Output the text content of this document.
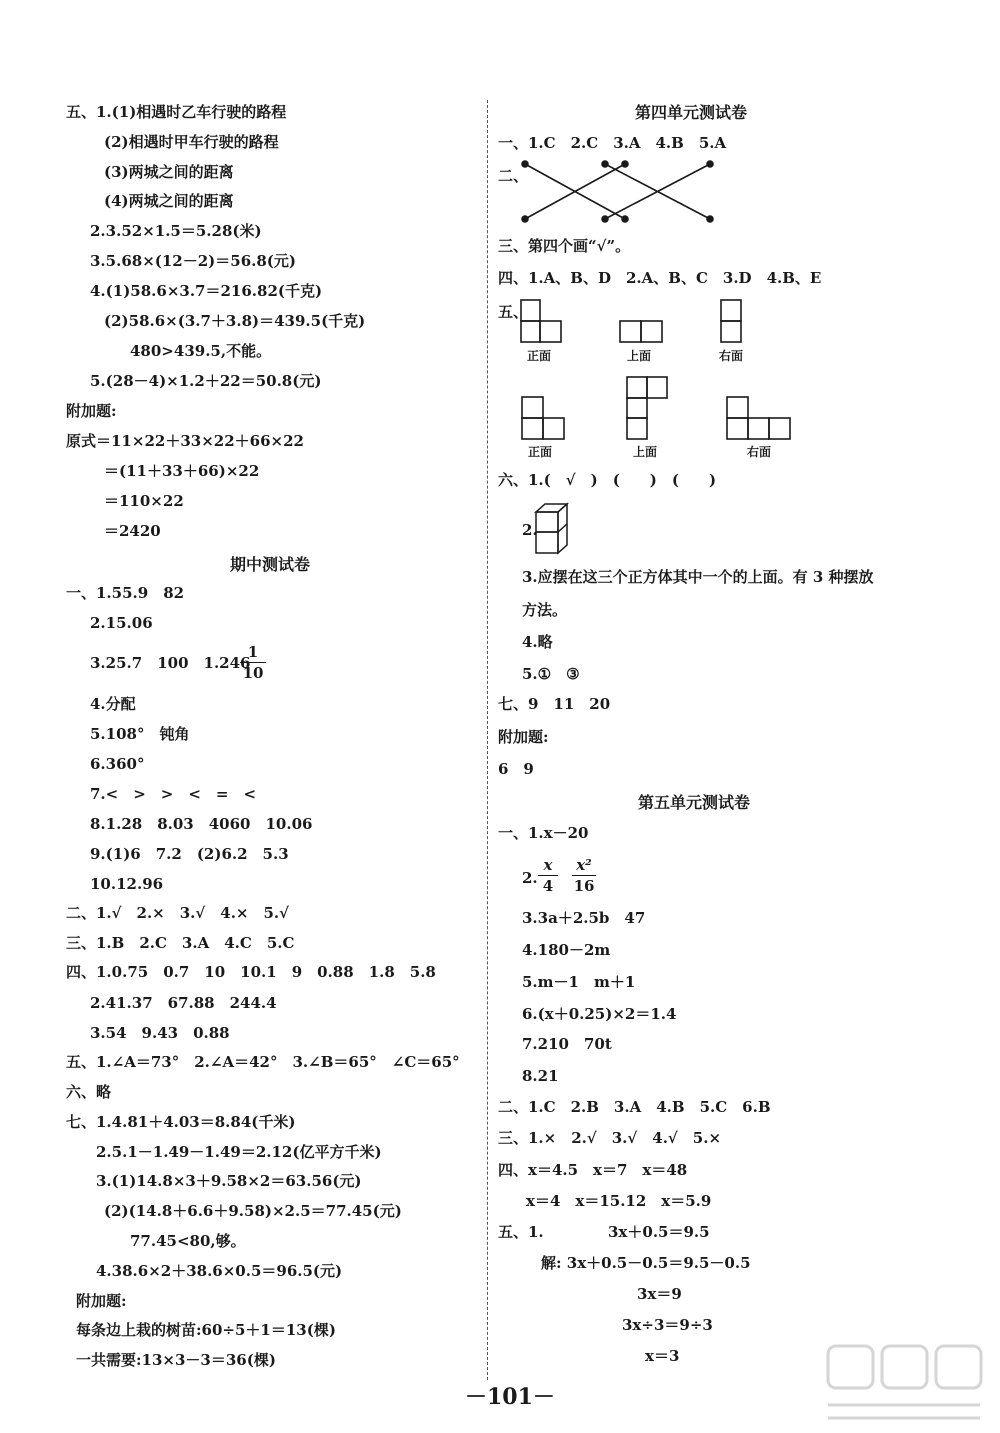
五、1.(1)相遇时乙车行驶的路程
(2)相遇时甲车行驶的路程
(3)两城之间的距离
(4)两城之间的距离
2.3.52×1.5＝5.28(米)
3.5.68×(12－2)＝56.8(元)
4.(1)58.6×3.7＝216.82(千克)
(2)58.6×(3.7＋3.8)＝439.5(千克)
480>439.5,不能。
5.(28－4)×1.2＋22＝50.8(元)
附加题:
原式＝11×22＋33×22＋66×22
＝(11＋33＋66)×22
＝110×22
＝2420
期中测试卷
一、1.55.9　82
2.15.06
3.25.7　100　1.246
1
10
4.分配
5.108°　钝角
6.360°
7.<　>　>　<　=　<
8.1.28　8.03　4060　10.06
9.(1)6　7.2　(2)6.2　5.3
10.12.96
二、1.√　2.×　3.√　4.×　5.√
三、1.B　2.C　3.A　4.C　5.C
四、1.0.75　0.7　10　10.1　9　0.88　1.8　5.8
2.41.37　67.88　244.4
3.54　9.43　0.88
五、1.∠A＝73°　2.∠A＝42°　3.∠B＝65°　∠C＝65°
六、略
七、1.4.81＋4.03＝8.84(千米)
2.5.1－1.49－1.49＝2.12(亿平方千米)
3.(1)14.8×3＋9.58×2＝63.56(元)
(2)(14.8＋6.6＋9.58)×2.5＝77.45(元)
77.45<80,够。
4.38.6×2＋38.6×0.5＝96.5(元)
附加题:
每条边上栽的树苗:60÷5＋1＝13(棵)
一共需要:13×3－3＝36(棵)
第四单元测试卷
一、1.C　2.C　3.A　4.B　5.A
二、
三、第四个画“√”。
四、1.A、B、D　2.A、B、C　3.D　4.B、E
五、
正面	上面	右面
正面	上面	右面
六、1.(　√　)　(　　)　(　　)
2.
3.应摆在这三个正方体其中一个的上面。有 3 种摆放
方法。
4.略
5.①　③
七、9　11　20
附加题:
6　9
第五单元测试卷
一、1.x－20
2.
x
4
x²
16
3.3a＋2.5b　47
4.180－2m
5.m－1　m＋1
6.(x＋0.25)×2＝1.4
7.210　70t
8.21
二、1.C　2.B　3.A　4.B　5.C　6.B
三、1.×　2.√　3.√　4.√　5.×
四、x＝4.5　x＝7　x＝48
x＝4　x＝15.12　x＝5.9
五、1.	3x＋0.5＝9.5
解: 3x＋0.5－0.5＝9.5－0.5
3x＝9
3x÷3＝9÷3
x＝3
－101－
